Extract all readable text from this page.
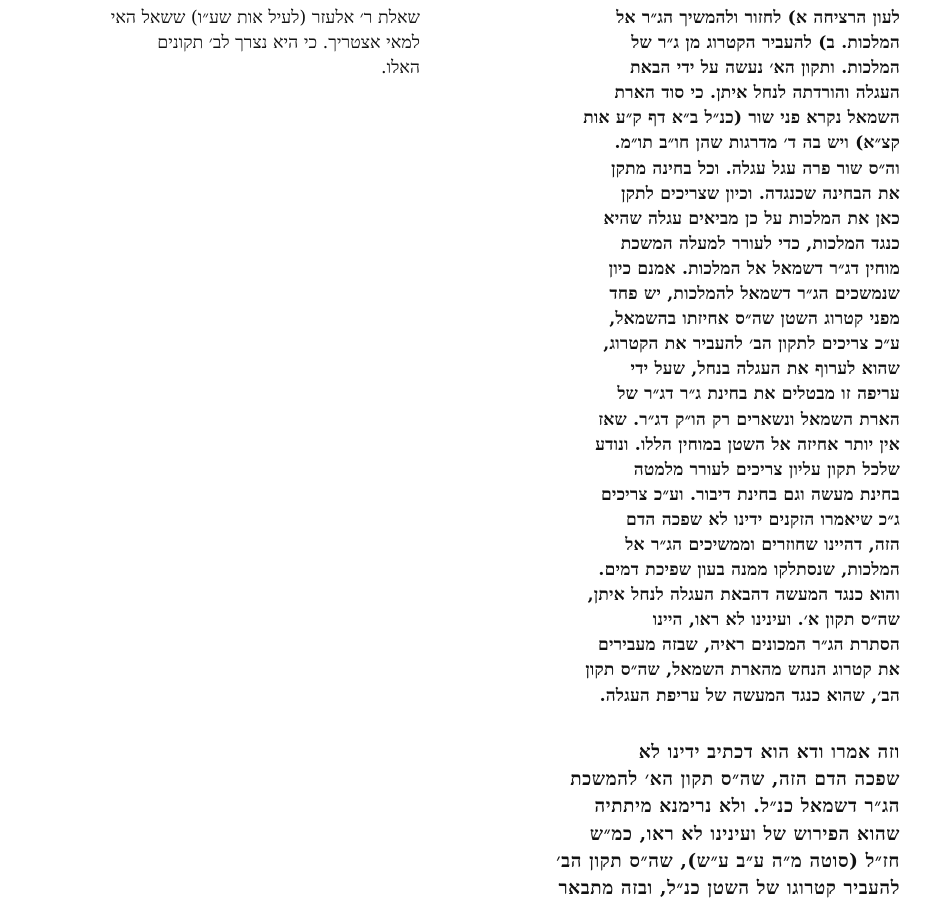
לעון הרציחה א) לחזור ולהמשיך הג״ר אל
המלכות. ב) להעביר הקטרוג מן ג״ר של
המלכות. ותקון הא׳ נעשה על ידי הבאת
העגלה והורדתה לנחל איתן. כי סוד הארת
השמאל נקרא פני שור (כנ״ל ב״א דף ק״ע אות
קצ״א) ויש בה ד׳ מדרגות שהן חו״ב תו״מ.
וה״ס שור פרה עגל עגלה. וכל בחינה מתקן
את הבחינה שכנגדה. וכיון שצריכים לתקן
כאן את המלכות על כן מביאים עגלה שהיא
כנגד המלכות, כדי לעורר למעלה המשכת
מוחין דג״ר דשמאל אל המלכות. אמנם כיון
שנמשכים הג״ר דשמאל להמלכות, יש פחד
מפני קטרוג השטן שה״ס אחיזתו בהשמאל,
ע״כ צריכים לתקון הב׳ להעביר את הקטרוג,
שהוא לערוף את העגלה בנחל, שעל ידי
עריפה זו מבטלים את בחינת ג״ר דג״ר של
הארת השמאל ונשארים רק הו״ק דג״ר. שאז
אין יותר אחיזה אל השטן במוחין הללו. ונודע
שלכל תקון עליון צריכים לעורר מלמטה
בחינת מעשה וגם בחינת דיבור. וע״כ צריכים
ג״כ שיאמרו הזקנים ידינו לא שפכה הדם
הזה, דהיינו שחוזרים וממשיכים הג״ר אל
המלכות, שנסתלקו ממנה בעון שפיכת דמים.
והוא כנגד המעשה דהבאת העגלה לנחל איתן,
שה״ס תקון א׳. ועינינו לא ראו, היינו
הסתרת הג״ר המכונים ראיה, שבזה מעבירים
את קטרוג הנחש מהארת השמאל, שה״ס תקון
הב׳, שהוא כנגד המעשה של עריפת העגלה.
וזה אמרו ודא הוא דכתיב ידינו לא
שפכה הדם הזה, שה״ס תקון הא׳ להמשכת
הג״ר דשמאל כנ״ל. ולא נרימנא מיתתיה
שהוא הפירוש של ועינינו לא ראו, כמ״ש
חז״ל (סוטה מ״ה ע״ב ע״ש), שה״ס תקון הב׳
להעביר קטרוגו של השטן כנ״ל, ובזה מתבאר
שאלת ר׳ אלעזר (לעיל אות שע״ו) ששאל האי
למאי אצטריך. כי היא נצרך לב׳ תקונים
האלו.
